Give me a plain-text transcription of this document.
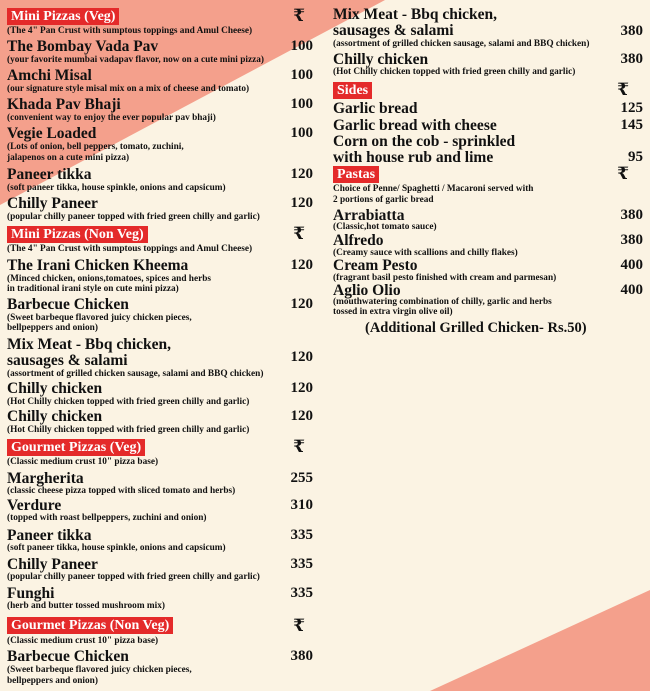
Mini Pizzas (Veg)	₹
(The 4" Pan Crust with sumptous toppings and Amul Cheese)
The Bombay Vada Pav	100
(your favorite mumbai vadapav flavor, now on a cute mini pizza)
Amchi Misal	100
(our signature style misal mix on a mix of cheese and tomato)
Khada Pav Bhaji	100
(convenient way to enjoy the ever popular pav bhaji)
Vegie Loaded	100
(Lots of onion, bell peppers, tomato, zuchini,
jalapenos on a cute mini pizza)
Paneer tikka	120
(soft paneer tikka, house spinkle, onions and capsicum)
Chilly Paneer	120
(popular chilly paneer topped with fried green chilly and garlic)
Mini Pizzas (Non Veg)	₹
(The 4" Pan Crust with sumptous toppings and Amul Cheese)
The Irani Chicken Kheema	120
(Minced chicken, onions,tomatoes, spices and herbs
in traditional irani style on cute mini pizza)
Barbecue Chicken	120
(Sweet barbeque flavored juicy chicken pieces,
bellpeppers and onion)
Mix Meat - Bbq chicken,
sausages & salami	120
(assortment of grilled chicken sausage, salami and BBQ chicken)
Chilly chicken	120
(Hot Chilly chicken topped with fried green chilly and garlic)
Chilly chicken	120
(Hot Chilly chicken topped with fried green chilly and garlic)
Gourmet Pizzas (Veg)	₹
(Classic medium crust 10" pizza base)
Margherita	255
(classic cheese pizza topped with sliced tomato and herbs)
Verdure	310
(topped with roast bellpeppers, zuchini and onion)
Paneer tikka	335
(soft paneer tikka, house spinkle, onions and capsicum)
Chilly Paneer	335
(popular chilly paneer topped with fried green chilly and garlic)
Funghi	335
(herb and butter tossed mushroom mix)
Gourmet Pizzas (Non Veg)	₹
(Classic medium crust 10" pizza base)
Barbecue Chicken	380
(Sweet barbeque flavored juicy chicken pieces,
bellpeppers and onion)
Mix Meat - Bbq chicken,
sausages & salami	380
(assortment of grilled chicken sausage, salami and BBQ chicken)
Chilly chicken	380
(Hot Chilly chicken topped with fried green chilly and garlic)
Sides	₹
Garlic bread	125
Garlic bread with cheese	145
Corn on the cob - sprinkled
with house rub and lime	95
Pastas	₹
Choice of Penne/ Spaghetti / Macaroni served with
2 portions of garlic bread
Arrabiatta	380
(Classic,hot tomato sauce)
Alfredo	380
(Creamy sauce with scallions and chilly flakes)
Cream Pesto	400
(fragrant basil pesto finished with cream and parmesan)
Aglio Olio	400
(mouthwatering combination of chilly, garlic and herbs
tossed in extra virgin olive oil)
(Additional Grilled Chicken- Rs.50)
